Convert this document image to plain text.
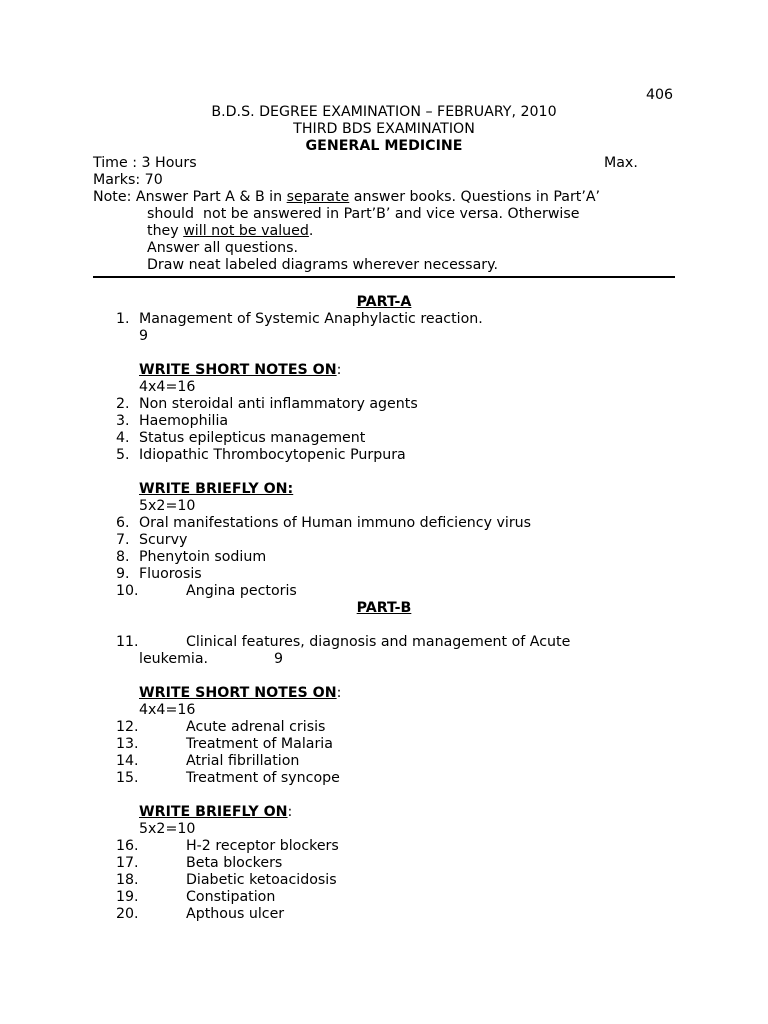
406
B.D.S. DEGREE EXAMINATION – FEBRUARY, 2010
THIRD BDS EXAMINATION
GENERAL MEDICINE
Time : 3 Hours	Max.
Marks: 70
Note: Answer Part A & B in separate answer books. Questions in Part’A’
should  not be answered in Part’B’ and vice versa. Otherwise
they will not be valued.
Answer all questions.
Draw neat labeled diagrams wherever necessary.
PART-A
1. Management of Systemic Anaphylactic reaction.
9
WRITE SHORT NOTES ON:
4x4=16
2. Non steroidal anti inflammatory agents
3. Haemophilia
4. Status epilepticus management
5. Idiopathic Thrombocytopenic Purpura
WRITE BRIEFLY ON:
5x2=10
6. Oral manifestations of Human immuno deficiency virus
7. Scurvy
8. Phenytoin sodium
9. Fluorosis
10.	Angina pectoris
PART-B
11.	Clinical features, diagnosis and management of Acute
leukemia.	9
WRITE SHORT NOTES ON:
4x4=16
12.	Acute adrenal crisis
13.	Treatment of Malaria
14.	Atrial fibrillation
15.	Treatment of syncope
WRITE BRIEFLY ON:
5x2=10
16.	H-2 receptor blockers
17.	Beta blockers
18.	Diabetic ketoacidosis
19.	Constipation
20.	Apthous ulcer
